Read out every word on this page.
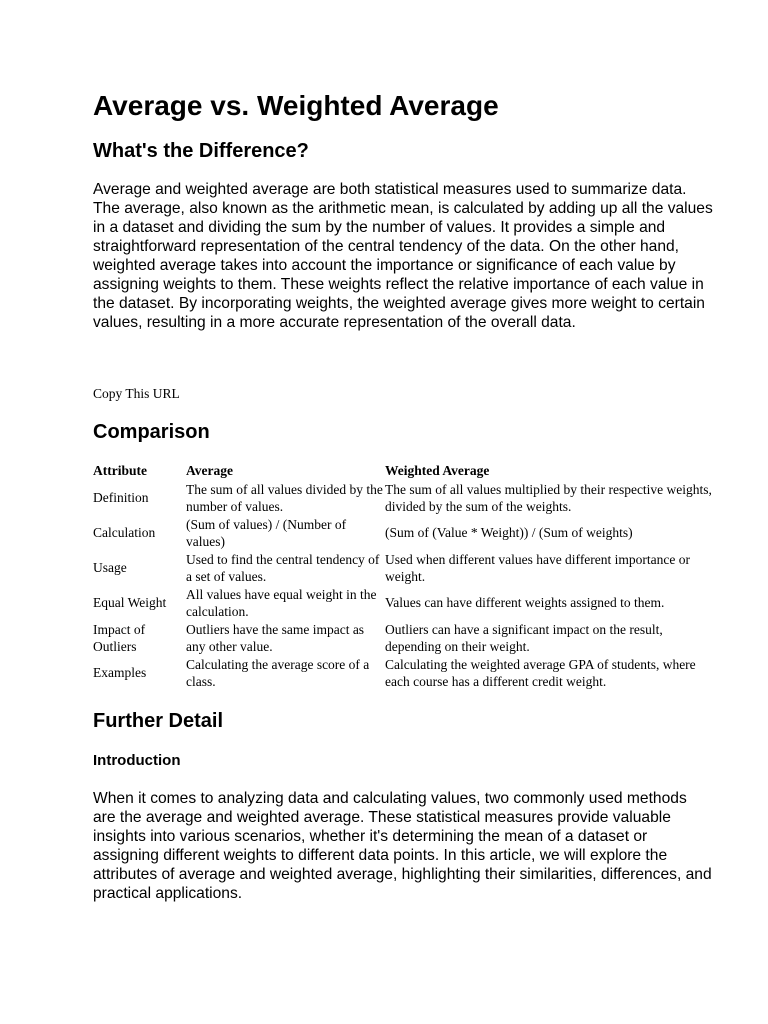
Average vs. Weighted Average
What's the Difference?

Average and weighted average are both statistical measures used to summarize data. The average, also known as the arithmetic mean, is calculated by adding up all the values in a dataset and dividing the sum by the number of values. It provides a simple and straightforward representation of the central tendency of the data. On the other hand, weighted average takes into account the importance or significance of each value by assigning weights to them. These weights reflect the relative importance of each value in the dataset. By incorporating weights, the weighted average gives more weight to certain values, resulting in a more accurate representation of the overall data.

Copy This URL
Comparison
Attribute	Average	Weighted Average
Definition	The sum of all values divided by the number of values.	The sum of all values multiplied by their respective weights, divided by the sum of the weights.
Calculation	(Sum of values) / (Number of values)	(Sum of (Value * Weight)) / (Sum of weights)
Usage	Used to find the central tendency of a set of values.	Used when different values have different importance or weight.
Equal Weight	All values have equal weight in the calculation.	Values can have different weights assigned to them.
Impact of Outliers	Outliers have the same impact as any other value.	Outliers can have a significant impact on the result, depending on their weight.
Examples	Calculating the average score of a class.	Calculating the weighted average GPA of students, where each course has a different credit weight.
Further Detail
Introduction

When it comes to analyzing data and calculating values, two commonly used methods are the average and weighted average. These statistical measures provide valuable insights into various scenarios, whether it's determining the mean of a dataset or assigning different weights to different data points. In this article, we will explore the attributes of average and weighted average, highlighting their similarities, differences, and practical applications.
